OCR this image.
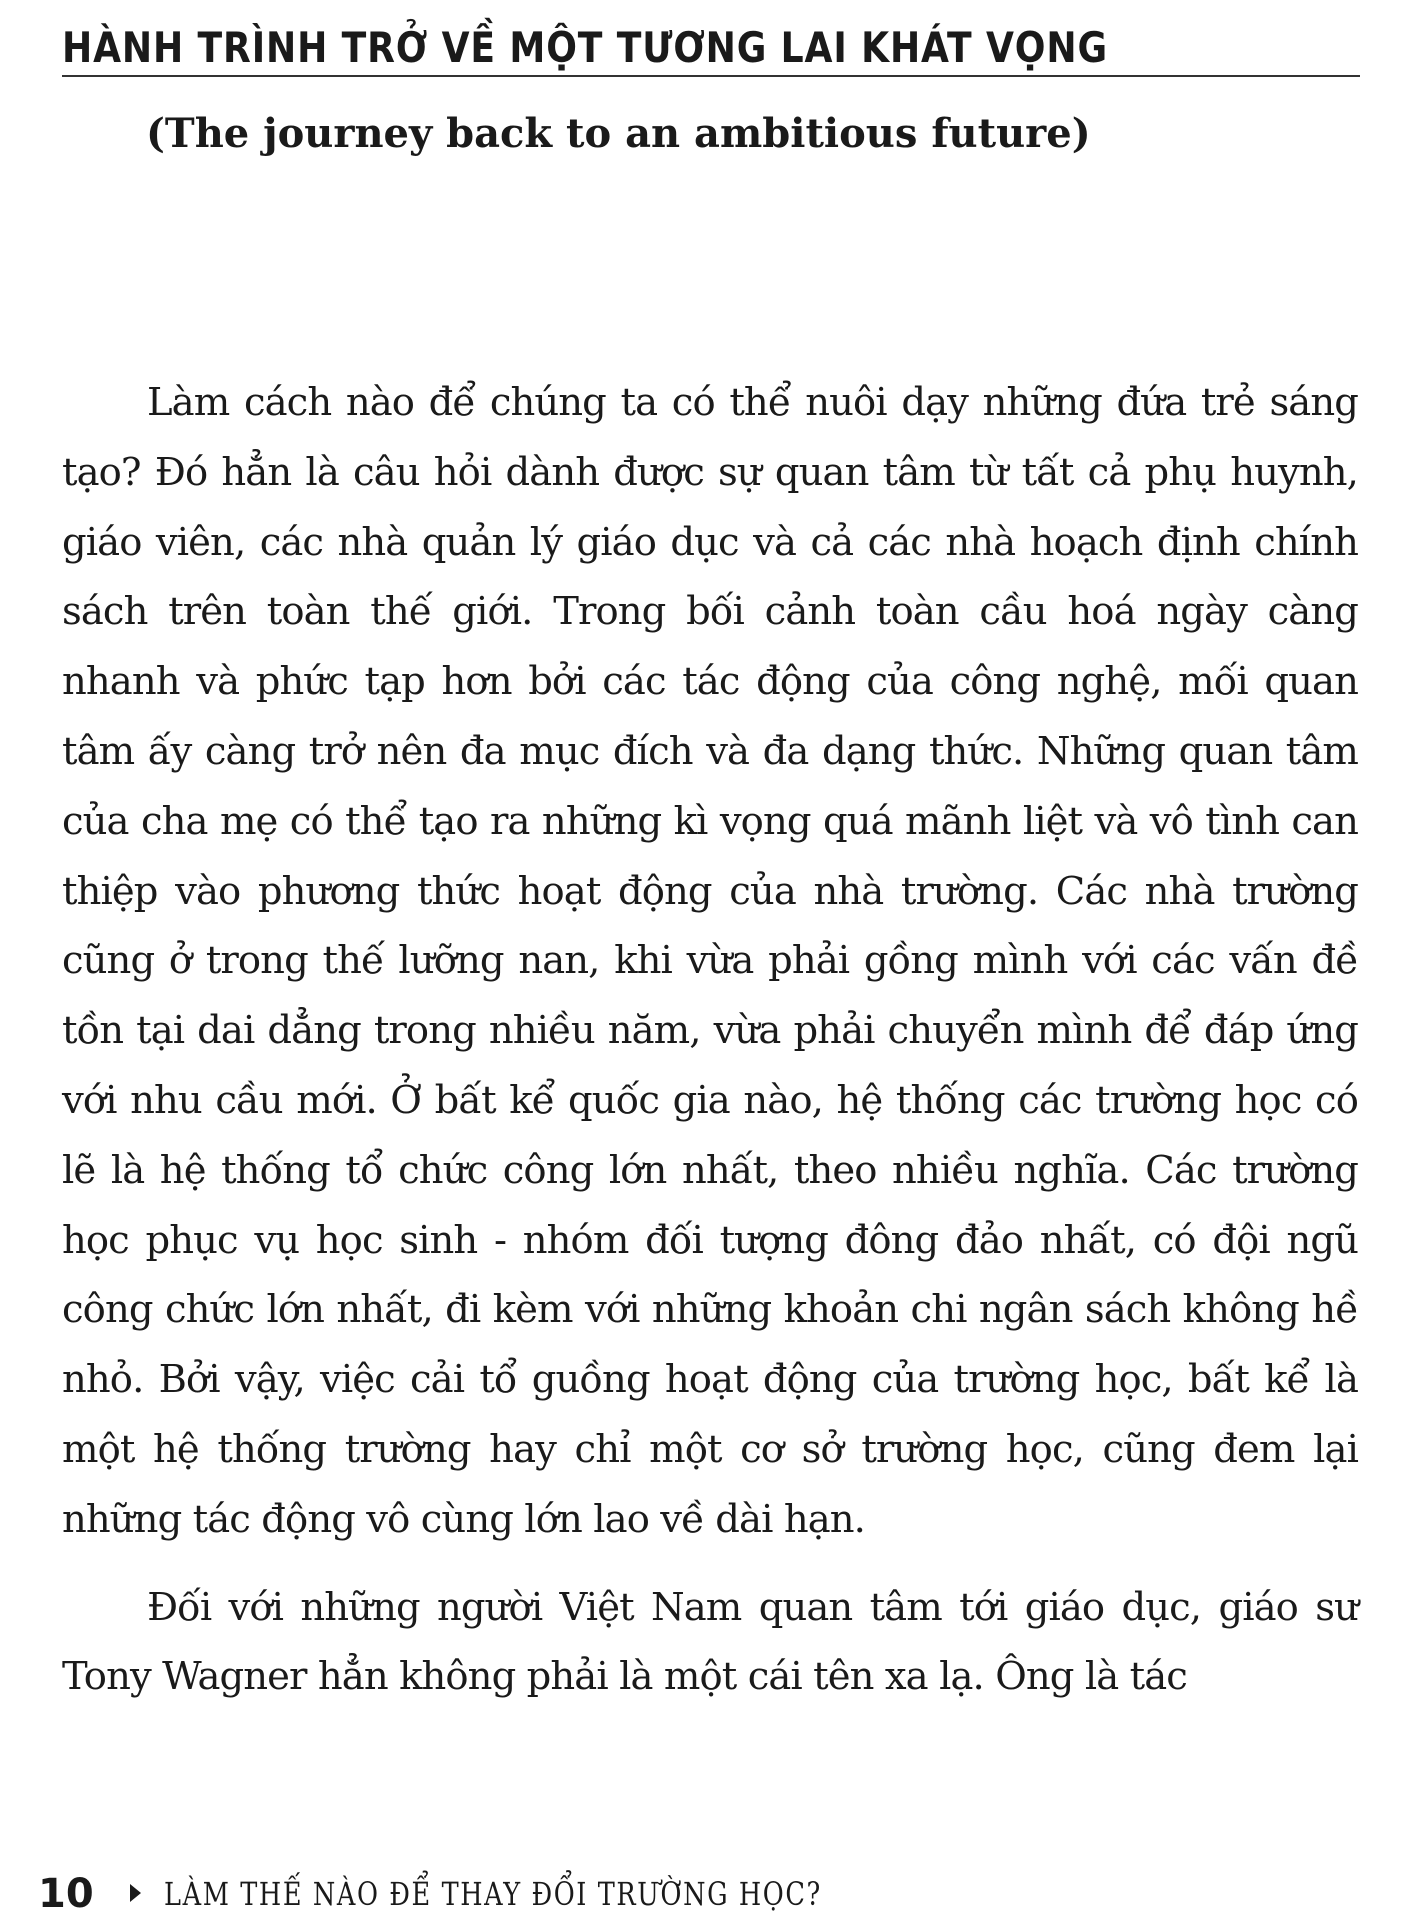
HÀNH TRÌNH TRỞ VỀ MỘT TƯƠNG LAI KHÁT VỌNG
(The journey back to an ambitious future)

Làm cách nào để chúng ta có thể nuôi dạy những đứa trẻ sáng tạo? Đó hẳn là câu hỏi dành được sự quan tâm từ tất cả phụ huynh, giáo viên, các nhà quản lý giáo dục và cả các nhà hoạch định chính sách trên toàn thế giới. Trong bối cảnh toàn cầu hoá ngày càng nhanh và phức tạp hơn bởi các tác động của công nghệ, mối quan tâm ấy càng trở nên đa mục đích và đa dạng thức. Những quan tâm của cha mẹ có thể tạo ra những kì vọng quá mãnh liệt và vô tình can thiệp vào phương thức hoạt động của nhà trường. Các nhà trường cũng ở trong thế lưỡng nan, khi vừa phải gồng mình với các vấn đề tồn tại dai dẳng trong nhiều năm, vừa phải chuyển mình để đáp ứng với nhu cầu mới. Ở bất kể quốc gia nào, hệ thống các trường học có lẽ là hệ thống tổ chức công lớn nhất, theo nhiều nghĩa. Các trường học phục vụ học sinh - nhóm đối tượng đông đảo nhất, có đội ngũ công chức lớn nhất, đi kèm với những khoản chi ngân sách không hề nhỏ. Bởi vậy, việc cải tổ guồng hoạt động của trường học, bất kể là một hệ thống trường hay chỉ một cơ sở trường học, cũng đem lại những tác động vô cùng lớn lao về dài hạn.

Đối với những người Việt Nam quan tâm tới giáo dục, giáo sư Tony Wagner hẳn không phải là một cái tên xa lạ. Ông là tác

10 LÀM THẾ NÀO ĐỂ THAY ĐỔI TRƯỜNG HỌC?
